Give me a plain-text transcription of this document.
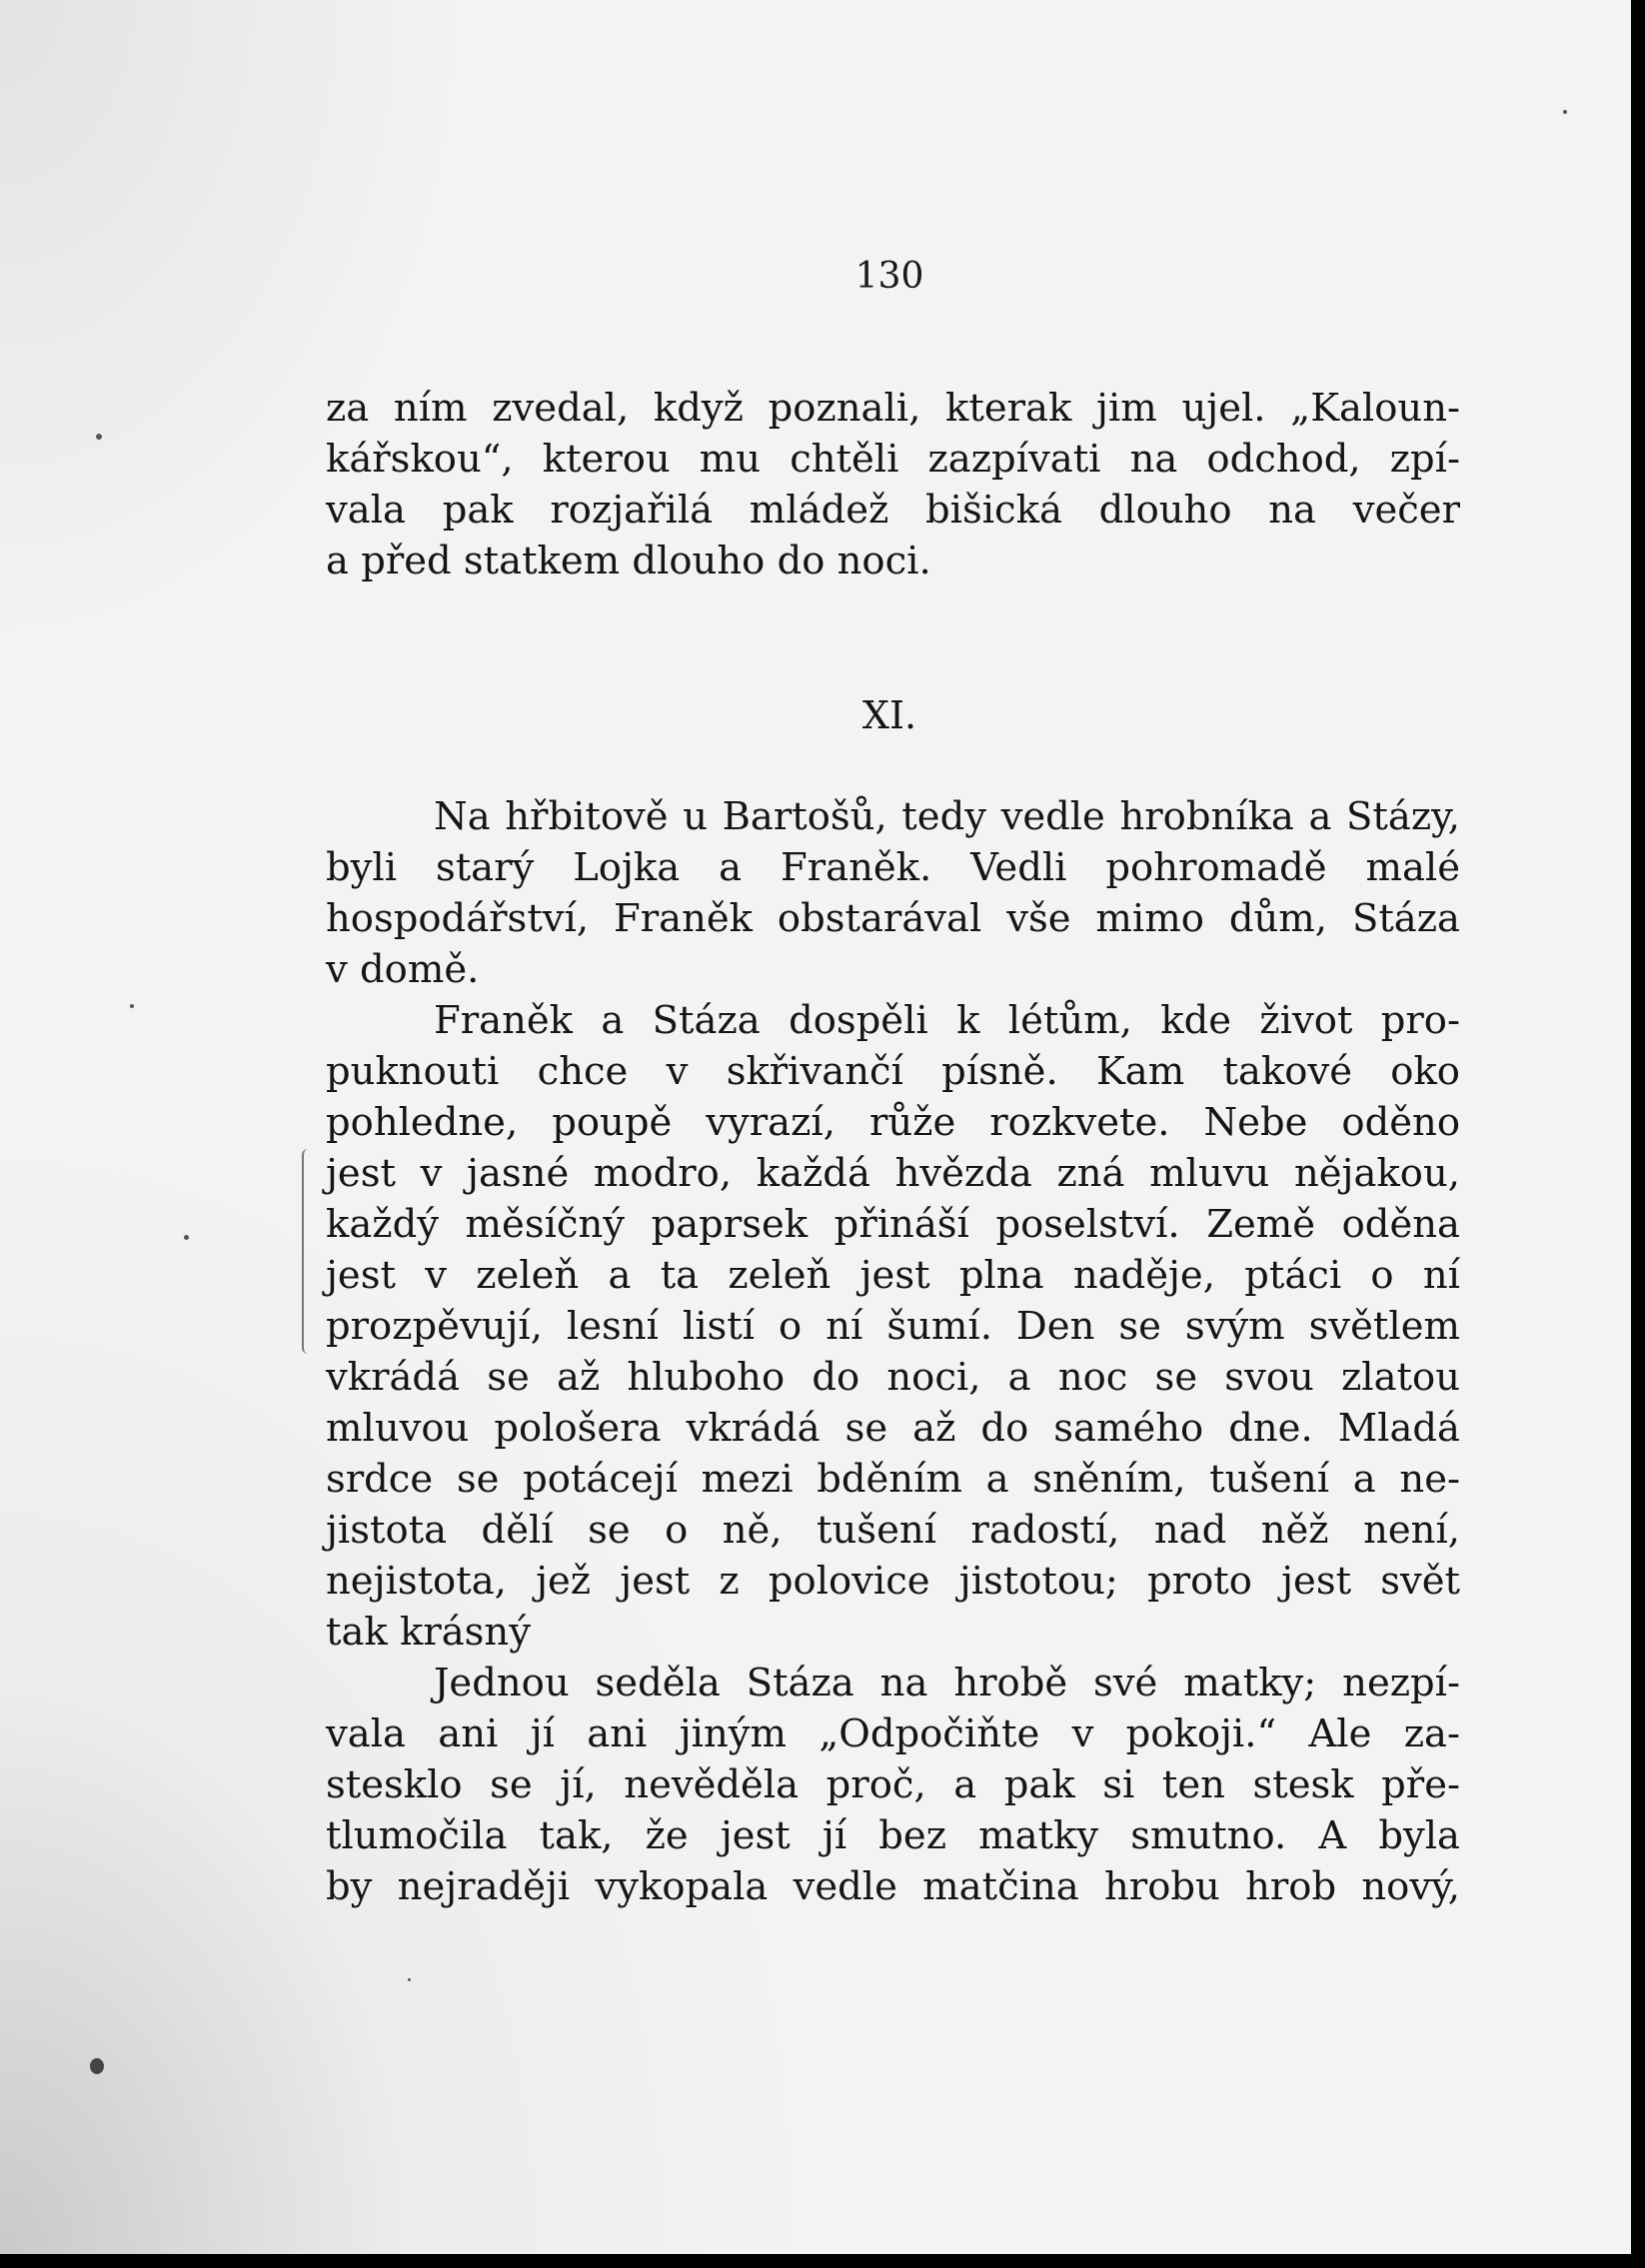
130
za ním zvedal, když poznali, kterak jim ujel. „Kaloun-
kářskou“, kterou mu chtěli zazpívati na odchod, zpí-
vala pak rozjařilá mládež bišická dlouho na večer
a před statkem dlouho do noci.
XI.
Na hřbitově u Bartošů, tedy vedle hrobníka a Stázy,
byli starý Lojka a Franěk. Vedli pohromadě malé
hospodářství, Franěk obstarával vše mimo dům, Stáza
v domě.
Franěk a Stáza dospěli k létům, kde život pro-
puknouti chce v skřivančí písně. Kam takové oko
pohledne, poupě vyrazí, růže rozkvete. Nebe oděno
jest v jasné modro, každá hvězda zná mluvu nějakou,
každý měsíčný paprsek přináší poselství. Země oděna
jest v zeleň a ta zeleň jest plna naděje, ptáci o ní
prozpěvují, lesní listí o ní šumí. Den se svým světlem
vkrádá se až hluboho do noci, a noc se svou zlatou
mluvou pološera vkrádá se až do samého dne. Mladá
srdce se potácejí mezi bděním a sněním, tušení a ne-
jistota dělí se o ně, tušení radostí, nad něž není,
nejistota, jež jest z polovice jistotou; proto jest svět
tak krásný
Jednou seděla Stáza na hrobě své matky; nezpí-
vala ani jí ani jiným „Odpočiňte v pokoji.“ Ale za-
stesklo se jí, nevěděla proč, a pak si ten stesk pře-
tlumočila tak, že jest jí bez matky smutno. A byla
by nejraději vykopala vedle matčina hrobu hrob nový,
